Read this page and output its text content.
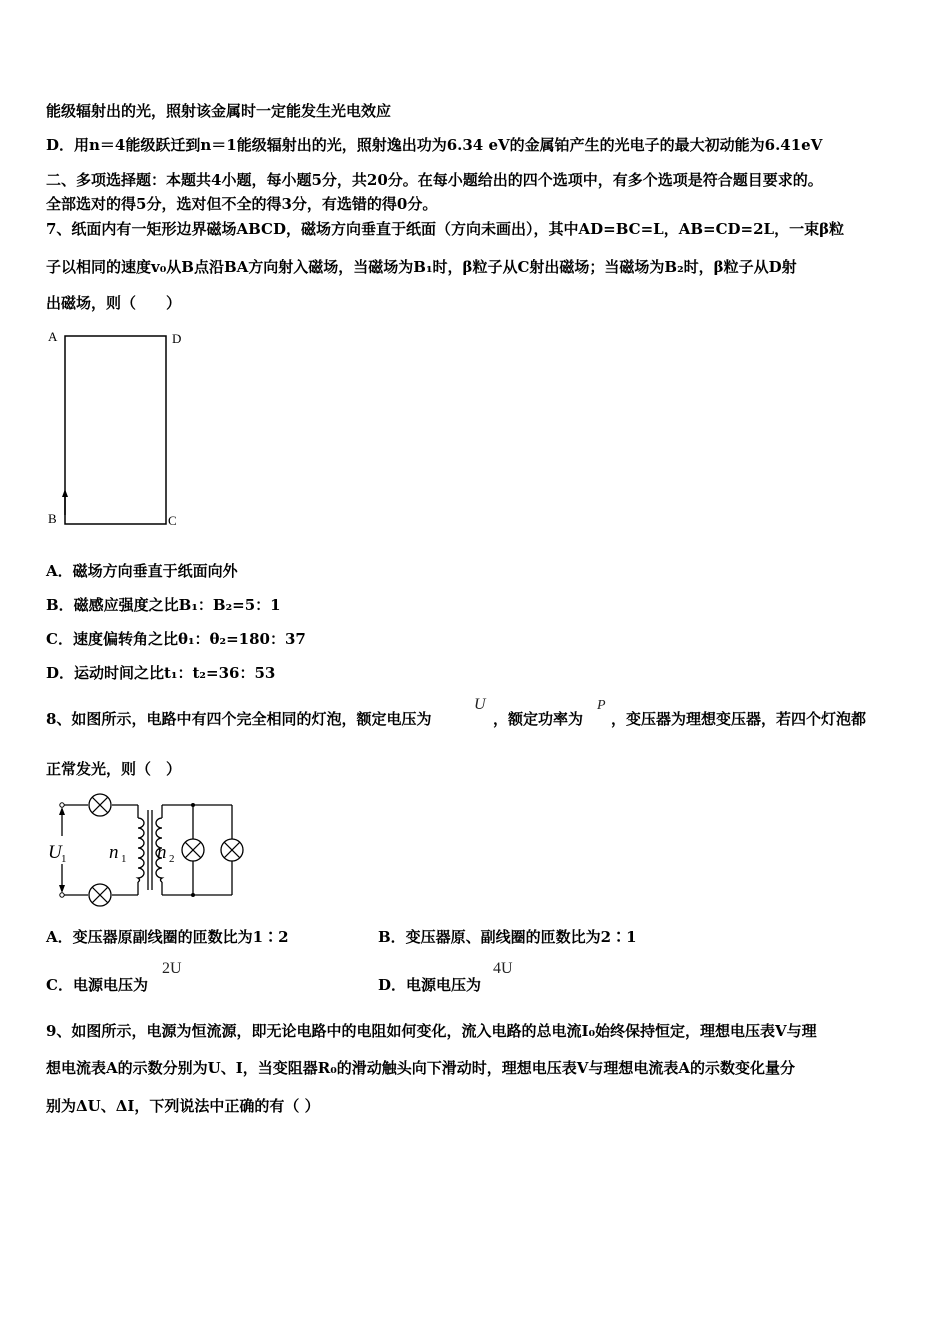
能级辐射出的光，照射该金属时一定能发生光电效应
D．用n＝4能级跃迁到n＝1能级辐射出的光，照射逸出功为6.34 eV的金属铂产生的光电子的最大初动能为6.41eV
二、多项选择题：本题共4小题，每小题5分，共20分。在每小题给出的四个选项中，有多个选项是符合题目要求的。
全部选对的得5分，选对但不全的得3分，有选错的得0分。
7、纸面内有一矩形边界磁场ABCD，磁场方向垂直于纸面（方向未画出），其中AD=BC=L，AB=CD=2L，一束β粒
子以相同的速度v₀从B点沿BA方向射入磁场，当磁场为B₁时，β粒子从C射出磁场；当磁场为B₂时，β粒子从D射
出磁场，则（　　）
A	D
B	C
A．磁场方向垂直于纸面向外
B．磁感应强度之比B₁：B₂=5：1
C．速度偏转角之比θ₁：θ₂=180：37
D．运动时间之比t₁：t₂=36：53
8、如图所示，电路中有四个完全相同的灯泡，额定电压为
U
，额定功率为
P
，变压器为理想变压器，若四个灯泡都
正常发光，则（　）
U 1 n 1 n 2
A．变压器原副线圈的匝数比为1∶2	B．变压器原、副线圈的匝数比为2∶1
C．电源电压为
2U
D．电源电压为
4U
9、如图所示，电源为恒流源，即无论电路中的电阻如何变化，流入电路的总电流I₀始终保持恒定，理想电压表V与理
想电流表A的示数分别为U、I，当变阻器R₀的滑动触头向下滑动时，理想电压表V与理想电流表A的示数变化量分
别为ΔU、ΔI，下列说法中正确的有（ ）
